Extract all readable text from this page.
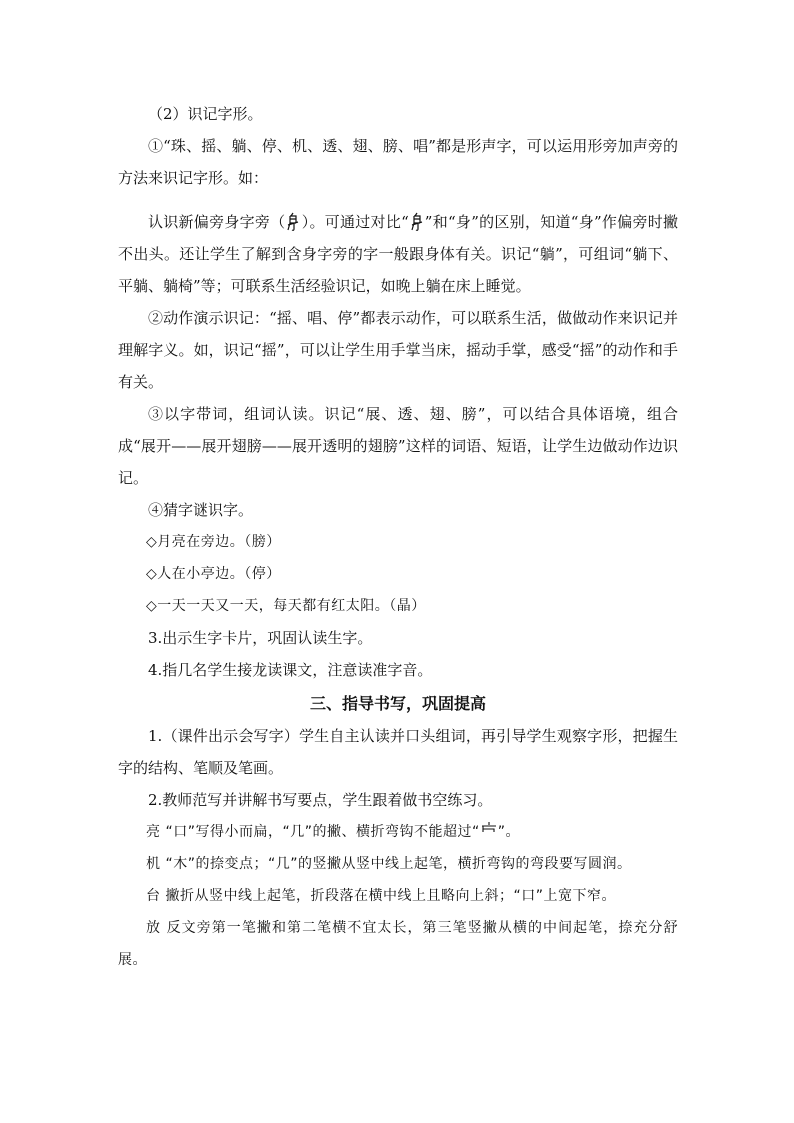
（2）识记字形。

①“珠、摇、躺、停、机、透、翅、膀、唱”都是形声字，可以运用形旁加声旁的方法来识记字形。如：

认识新偏旁身字旁（ ）。可通过对比“ ”和“身”的区别，知道“身”作偏旁时撇不出头。还让学生了解到含身字旁的字一般跟身体有关。识记“躺”，可组词“躺下、平躺、躺椅”等；可联系生活经验识记，如晚上躺在床上睡觉。

②动作演示识记：“摇、唱、停”都表示动作，可以联系生活，做做动作来识记并理解字义。如，识记“摇”，可以让学生用手掌当床，摇动手掌，感受“摇”的动作和手有关。

③以字带词，组词认读。识记“展、透、翅、膀”，可以结合具体语境，组合成“展开——展开翅膀——展开透明的翅膀”这样的词语、短语，让学生边做动作边识记。

④猜字谜识字。

◇月亮在旁边。（膀）

◇人在小亭边。（停）

◇一天一天又一天，每天都有红太阳。（晶）

3.出示生字卡片，巩固认读生字。

4.指几名学生接龙读课文，注意读准字音。

三、指导书写，巩固提高

1.（课件出示会写字）学生自主认读并口头组词，再引导学生观察字形，把握生字的结构、笔顺及笔画。

2.教师范写并讲解书写要点，学生跟着做书空练习。

亮 “口”写得小而扁，“几”的撇、横折弯钩不能超过“ ”。

机 “木”的捺变点；“几”的竖撇从竖中线上起笔，横折弯钩的弯段要写圆润。

台 撇折从竖中线上起笔，折段落在横中线上且略向上斜；“口”上宽下窄。

放 反文旁第一笔撇和第二笔横不宜太长，第三笔竖撇从横的中间起笔，捺充分舒展。
